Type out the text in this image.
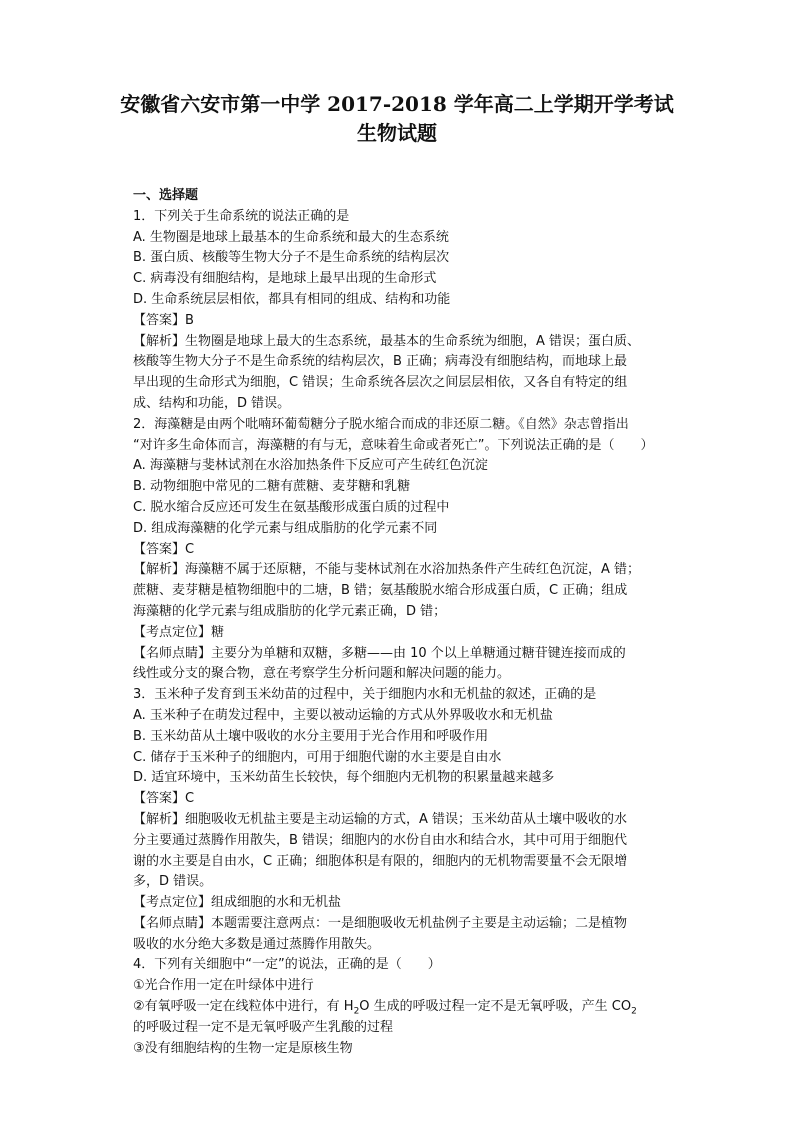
安徽省六安市第一中学 2017-2018 学年高二上学期开学考试
生物试题
一、选择题
1．下列关于生命系统的说法正确的是
A. 生物圈是地球上最基本的生命系统和最大的生态系统
B. 蛋白质、核酸等生物大分子不是生命系统的结构层次
C. 病毒没有细胞结构，是地球上最早出现的生命形式
D. 生命系统层层相依，都具有相同的组成、结构和功能
【答案】B
【解析】生物圈是地球上最大的生态系统，最基本的生命系统为细胞，A 错误；蛋白质、
核酸等生物大分子不是生命系统的结构层次，B 正确；病毒没有细胞结构，而地球上最
早出现的生命形式为细胞，C 错误；生命系统各层次之间层层相依，又各自有特定的组
成、结构和功能，D 错误。
2．海藻糖是由两个吡喃环葡萄糖分子脱水缩合而成的非还原二糖。《自然》杂志曾指出
“对许多生命体而言，海藻糖的有与无，意味着生命或者死亡”。下列说法正确的是（　　）
A. 海藻糖与斐林试剂在水浴加热条件下反应可产生砖红色沉淀
B. 动物细胞中常见的二糖有蔗糖、麦芽糖和乳糖
C. 脱水缩合反应还可发生在氨基酸形成蛋白质的过程中
D. 组成海藻糖的化学元素与组成脂肪的化学元素不同
【答案】C
【解析】海藻糖不属于还原糖，不能与斐林试剂在水浴加热条件产生砖红色沉淀，A 错；
蔗糖、麦芽糖是植物细胞中的二塘，B 错；氨基酸脱水缩合形成蛋白质，C 正确；组成
海藻糖的化学元素与组成脂肪的化学元素正确，D 错；
【考点定位】糖
【名师点睛】主要分为单糖和双糖，多糖——由 10 个以上单糖通过糖苷键连接而成的
线性或分支的聚合物，意在考察学生分析问题和解决问题的能力。
3．玉米种子发育到玉米幼苗的过程中，关于细胞内水和无机盐的叙述，正确的是
A. 玉米种子在萌发过程中，主要以被动运输的方式从外界吸收水和无机盐
B. 玉米幼苗从土壤中吸收的水分主要用于光合作用和呼吸作用
C. 储存于玉米种子的细胞内，可用于细胞代谢的水主要是自由水
D. 适宜环境中，玉米幼苗生长较快，每个细胞内无机物的积累量越来越多
【答案】C
【解析】细胞吸收无机盐主要是主动运输的方式，A 错误；玉米幼苗从土壤中吸收的水
分主要通过蒸腾作用散失，B 错误；细胞内的水份自由水和结合水，其中可用于细胞代
谢的水主要是自由水，C 正确；细胞体积是有限的，细胞内的无机物需要量不会无限增
多，D 错误。
【考点定位】组成细胞的水和无机盐
【名师点睛】本题需要注意两点：一是细胞吸收无机盐例子主要是主动运输；二是植物
吸收的水分绝大多数是通过蒸腾作用散失。
4．下列有关细胞中“一定”的说法，正确的是（　　）
①光合作用一定在叶绿体中进行
②有氧呼吸一定在线粒体中进行，有 $H_2O$ 生成的呼吸过程一定不是无氧呼吸，产生 $CO_2$
的呼吸过程一定不是无氧呼吸产生乳酸的过程
③没有细胞结构的生物一定是原核生物
